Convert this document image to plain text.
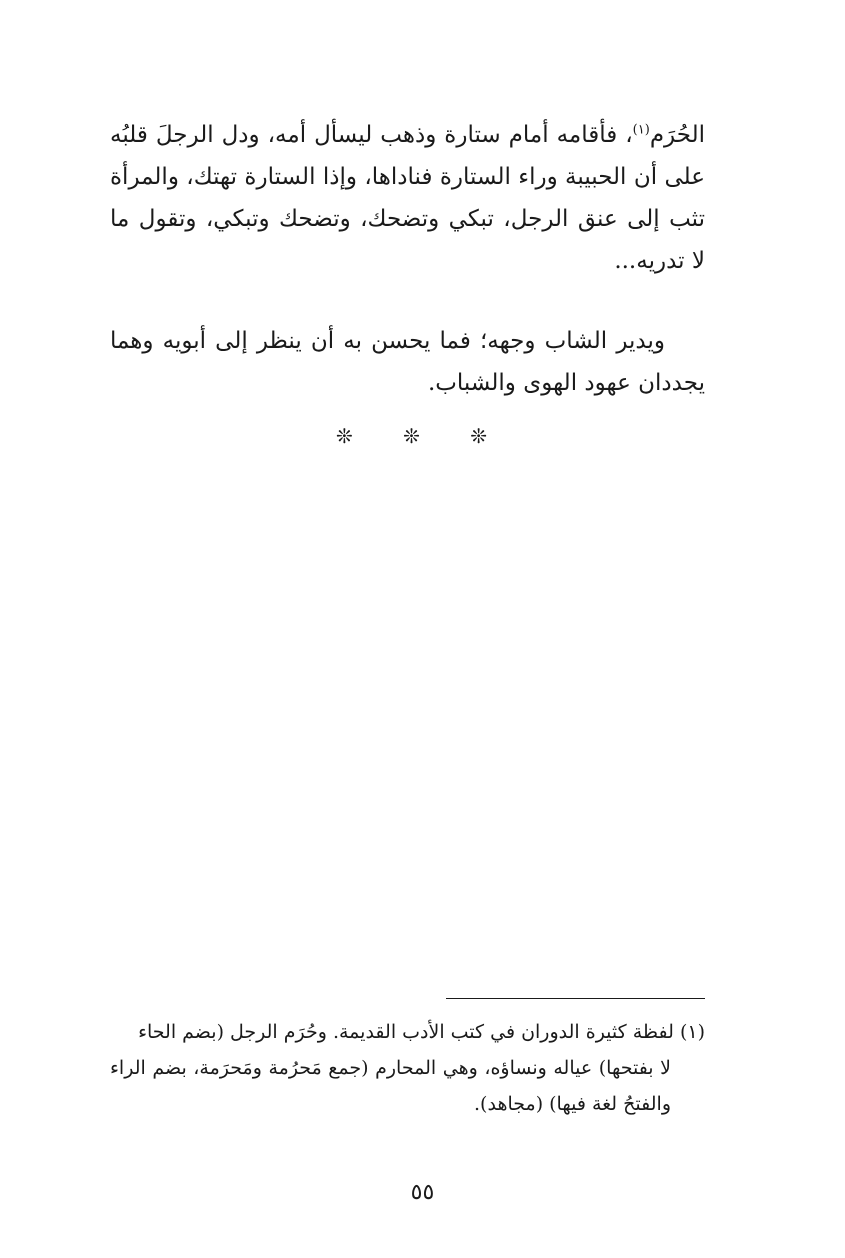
الحُرَم$^{(١)}$، فأقامه أمام ستارة وذهب ليسأل أمه، ودل الرجلَ قلبُه على أن الحبيبة وراء الستارة فناداها، وإذا الستارة تهتك، والمرأة تثب إلى عنق الرجل، تبكي وتضحك، وتضحك وتبكي، وتقول ما لا تدريه...

ويدير الشاب وجهه؛ فما يحسن به أن ينظر إلى أبويه وهما يجددان عهود الهوى والشباب.

❊ ❊ ❊

(١) لفظة كثيرة الدوران في كتب الأدب القديمة. وحُرَم الرجل (بضم الحاء
لا بفتحها) عياله ونساؤه، وهي المحارم (جمع مَحرُمة ومَحرَمة، بضم الراء والفتحُ لغة فيها) (مجاهد).

٥٥
